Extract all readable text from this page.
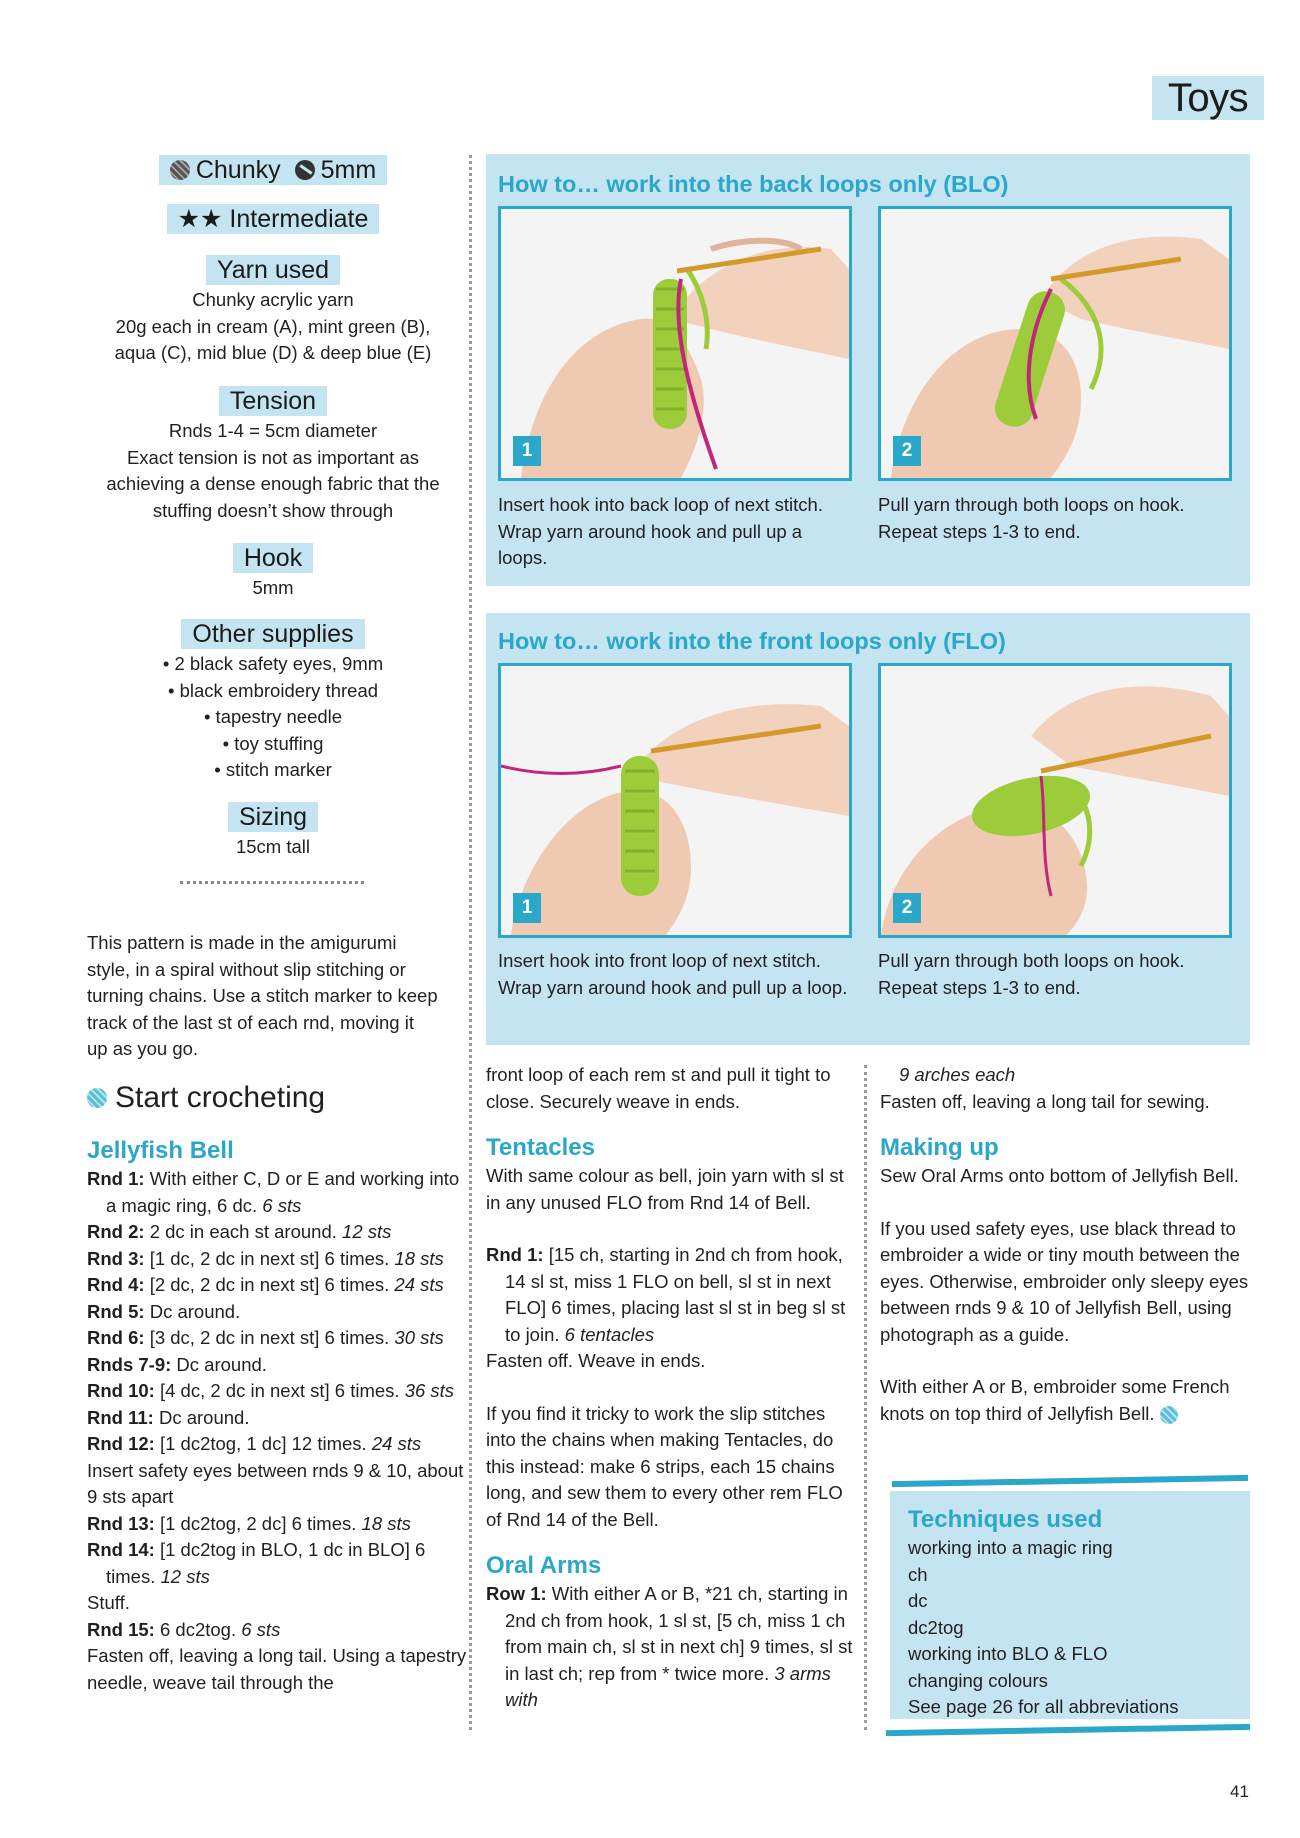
Toys
Chunky 5mm
★★ Intermediate
Yarn used
Chunky acrylic yarn
20g each in cream (A), mint green (B),
aqua (C), mid blue (D) & deep blue (E)
Tension
Rnds 1-4 = 5cm diameter
Exact tension is not as important as
achieving a dense enough fabric that the
stuffing doesn’t show through
Hook
5mm
Other supplies
• 2 black safety eyes, 9mm
• black embroidery thread
• tapestry needle
• toy stuffing
• stitch marker
Sizing
15cm tall
This pattern is made in the amigurumi
style, in a spiral without slip stitching or
turning chains. Use a stitch marker to keep
track of the last st of each rnd, moving it
up as you go.
Start crocheting
Jellyfish Bell

Rnd 1: With either C, D or E and working into a magic ring, 6 dc. 6 sts

Rnd 2: 2 dc in each st around. 12 sts

Rnd 3: [1 dc, 2 dc in next st] 6 times. 18 sts

Rnd 4: [2 dc, 2 dc in next st] 6 times. 24 sts

Rnd 5: Dc around.

Rnd 6: [3 dc, 2 dc in next st] 6 times. 30 sts

Rnds 7-9: Dc around.

Rnd 10: [4 dc, 2 dc in next st] 6 times. 36 sts

Rnd 11: Dc around.

Rnd 12: [1 dc2tog, 1 dc] 12 times. 24 sts

Insert safety eyes between rnds 9 & 10, about 9 sts apart

Rnd 13: [1 dc2tog, 2 dc] 6 times. 18 sts

Rnd 14: [1 dc2tog in BLO, 1 dc in BLO] 6 times. 12 sts

Stuff.

Rnd 15: 6 dc2tog. 6 sts

Fasten off, leaving a long tail. Using a tapestry needle, weave tail through the

How to… work into the back loops only (BLO)
1	2
Insert hook into back loop of next stitch. Wrap yarn around hook and pull up a loops.
Pull yarn through both loops on hook. Repeat steps 1-3 to end.
How to… work into the front loops only (FLO)
1	2
Insert hook into front loop of next stitch. Wrap yarn around hook and pull up a loop.
Pull yarn through both loops on hook. Repeat steps 1-3 to end.

front loop of each rem st and pull it tight to close. Securely weave in ends.

Tentacles

With same colour as bell, join yarn with sl st in any unused FLO from Rnd 14 of Bell.

Rnd 1: [15 ch, starting in 2nd ch from hook, 14 sl st, miss 1 FLO on bell, sl st in next FLO] 6 times, placing last sl st in beg sl st to join. 6 tentacles

Fasten off. Weave in ends.

If you find it tricky to work the slip stitches into the chains when making Tentacles, do this instead: make 6 strips, each 15 chains long, and sew them to every other rem FLO of Rnd 14 of the Bell.

Oral Arms

Row 1: With either A or B, *21 ch, starting in 2nd ch from hook, 1 sl st, [5 ch, miss 1 ch from main ch, sl st in next ch] 9 times, sl st in last ch; rep from * twice more. 3 arms with

9 arches each

Fasten off, leaving a long tail for sewing.

Making up

Sew Oral Arms onto bottom of Jellyfish Bell.

If you used safety eyes, use black thread to embroider a wide or tiny mouth between the eyes. Otherwise, embroider only sleepy eyes between rnds 9 & 10 of Jellyfish Bell, using photograph as a guide.

With either A or B, embroider some French knots on top third of Jellyfish Bell.

Techniques used
working into a magic ring
ch
dc
dc2tog
working into BLO & FLO
changing colours
See page 26 for all abbreviations
41
